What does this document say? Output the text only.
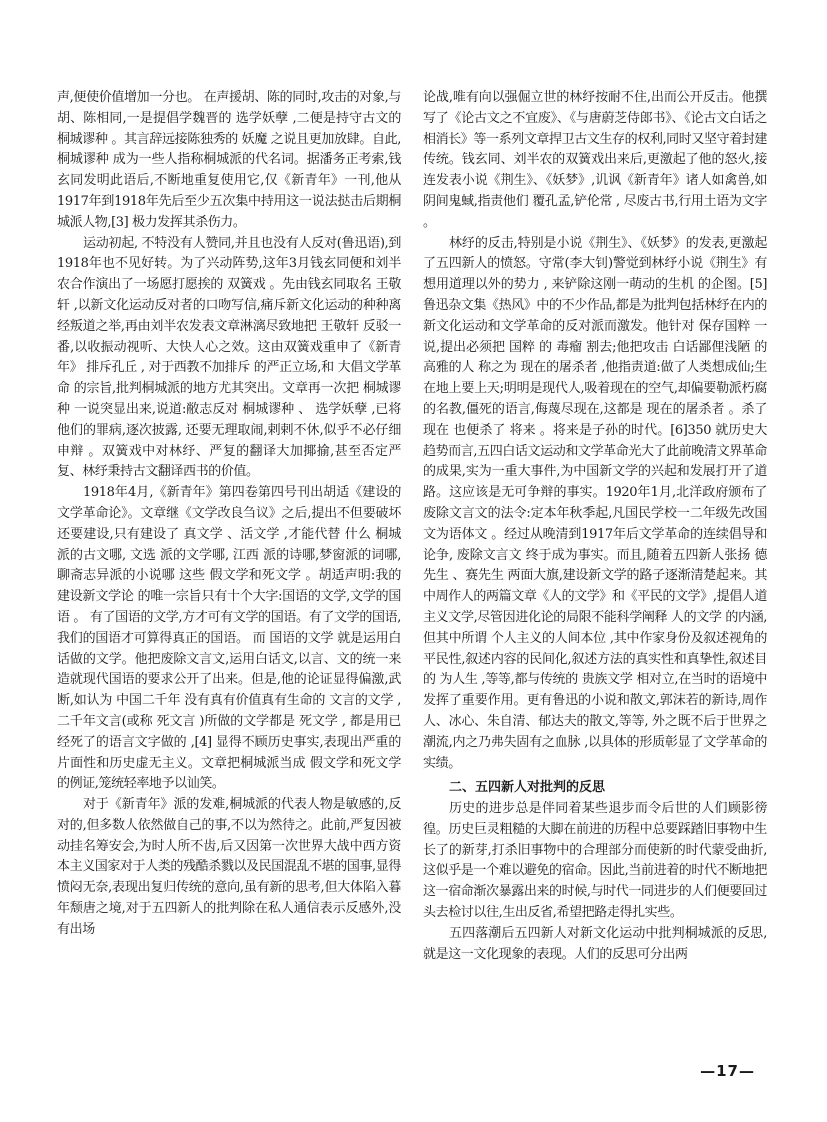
声,便使价值增加一分也。 在声援胡、陈的同时,攻击的对象,与胡、陈相同,一是提倡学魏晋的 选学妖孽 ,二便是持守古文的 桐城谬种 。其言辞远接陈独秀的 妖魔 之说且更加放肆。自此, 桐城谬种 成为一些人指称桐城派的代名词。据潘务正考索,钱玄同发明此语后,不断地重复使用它,仅《新青年》一刊,他从1917年到1918年先后至少五次集中持用这一说法挞击后期桐城派人物,[3] 极力发挥其杀伤力。

运动初起, 不特没有人赞同,并且也没有人反对(鲁迅语),到1918年也不见好转。为了兴动阵势,这年3月钱玄同便和刘半农合作演出了一场愿打愿挨的 双簧戏 。先由钱玄同取名 王敬轩 ,以新文化运动反对者的口吻写信,痛斥新文化运动的种种离经叛道之举,再由刘半农发表文章淋漓尽致地把 王敬轩 反驳一番,以收振动视听、大快人心之效。这由双簧戏重申了《新青年》 排斥孔丘 , 对于西教不加排斥 的严正立场,和 大倡文学革命 的宗旨,批判桐城派的地方尤其突出。文章再一次把 桐城谬种 一说突显出来,说道:敝志反对 桐城谬种 、 选学妖孽 ,已将他们的罪病,逐次披露, 还要无理取闹,剌剌不休,似乎不必仔细申辩 。双簧戏中对林纾、严复的翻译大加揶揄,甚至否定严复、林纾秉持古文翻译西书的价值。

1918年4月,《新青年》第四卷第四号刊出胡适《建设的文学革命论》。文章继《文学改良刍议》之后,提出不但要破坏还要建设,只有建设了 真文学 、活文学 ,才能代替 什么 桐城 派的古文哪, 文选 派的文学哪, 江西 派的诗哪,梦窗派的词哪,聊斋志异派的小说哪 这些 假文学和死文学 。胡适声明:我的 建设新文学论 的唯一宗旨只有十个大字:国语的文学,文学的国语 。 有了国语的文学,方才可有文学的国语。有了文学的国语,我们的国语才可算得真正的国语。 而 国语的文学 就是运用白话做的文学。他把废除文言文,运用白话文,以言、文的统一来造就现代国语的要求公开了出来。但是,他的论证显得偏激,武断,如认为 中国二千年 没有真有价值真有生命的 文言的文学 ,二千年文言(或称 死文言 )所做的文学都是 死文学 , 都是用已经死了的语言文字做的 ,[4] 显得不顾历史事实,表现出严重的片面性和历史虚无主义。文章把桐城派当成 假文学和死文学 的例证,笼统轻率地予以讪笑。

对于《新青年》派的发难,桐城派的代表人物是敏感的,反对的,但多数人依然做自己的事,不以为然待之。此前,严复因被动挂名筹安会,为时人所不齿,后又因第一次世界大战中西方资本主义国家对于人类的残酷杀戮以及民国混乱不堪的国事,显得愤闷无奈,表现出复归传统的意向,虽有新的思考,但大体陷入暮年颓唐之境,对于五四新人的批判除在私人通信表示反感外,没有出场

论战,唯有向以强倔立世的林纾按耐不住,出而公开反击。他撰写了《论古文之不宜废》、《与唐蔚芝侍郎书》、《论古文白话之相消长》等一系列文章捍卫古文生存的权利,同时又坚守着封建传统。钱玄同、刘半农的双簧戏出来后,更激起了他的怒火,接连发表小说《荆生》、《妖梦》,讥讽《新青年》诸人如禽兽,如阴间鬼蜮,指责他们 覆孔孟,铲伦常 , 尽废古书,行用土语为文字 。

林纾的反击,特别是小说《荆生》、《妖梦》的发表,更激起了五四新人的愤怒。守常(李大钊)警觉到林纾小说《荆生》有 想用道理以外的势力 , 来铲除这刚一萌动的生机 的企图。[5] 鲁迅杂文集《热风》中的不少作品,都是为批判包括林纾在内的新文化运动和文学革命的反对派而激发。他针对 保存国粹 一说,提出必须把 国粹 的 毒瘤 割去;他把攻击 白话鄙俚浅陋 的 高雅的人 称之为 现在的屠杀者 ,他指责道:做了人类想成仙;生在地上要上天;明明是现代人,吸着现在的空气,却偏要勒派朽腐的名教,僵死的语言,侮蔑尽现在,这都是 现在的屠杀者 。杀了 现在 也便杀了 将来 。将来是子孙的时代。[6]350 就历史大趋势而言,五四白话文运动和文学革命光大了此前晚清文界革命的成果,实为一重大事件,为中国新文学的兴起和发展打开了道路。这应该是无可争辩的事实。1920年1月,北洋政府颁布了废除文言文的法令:定本年秋季起,凡国民学校一二年级先改国文为语体文 。经过从晚清到1917年后文学革命的连续倡导和论争, 废除文言文 终于成为事实。而且,随着五四新人张扬 德先生 、赛先生 两面大旗,建设新文学的路子逐渐清楚起来。其中周作人的两篇文章《人的文学》和《平民的文学》,提倡人道主义文学,尽管因进化论的局限不能科学阐释 人的文学 的内涵,但其中所谓 个人主义的人间本位 ,其中作家身份及叙述视角的平民性,叙述内容的民间化,叙述方法的真实性和真挚性,叙述目的 为人生 ,等等,都与传统的 贵族文学 相对立,在当时的语境中发挥了重要作用。更有鲁迅的小说和散文,郭沫若的新诗,周作人、冰心、朱自清、郁达夫的散文,等等, 外之既不后于世界之潮流,内之乃弗失固有之血脉 ,以具体的形质彰显了文学革命的实绩。

二、五四新人对批判的反思

历史的进步总是伴同着某些退步而令后世的人们顾影徬徨。历史巨灵粗糙的大脚在前进的历程中总要踩踏旧事物中生长了的新芽,打杀旧事物中的合理部分而使新的时代蒙受曲折,这似乎是一个难以避免的宿命。因此,当前进着的时代不断地把这一宿命渐次暴露出来的时候,与时代一同进步的人们便要回过头去检讨以往,生出反省,希望把路走得扎实些。

五四落潮后五四新人对新文化运动中批判桐城派的反思,就是这一文化现象的表现。人们的反思可分出两

—17—
